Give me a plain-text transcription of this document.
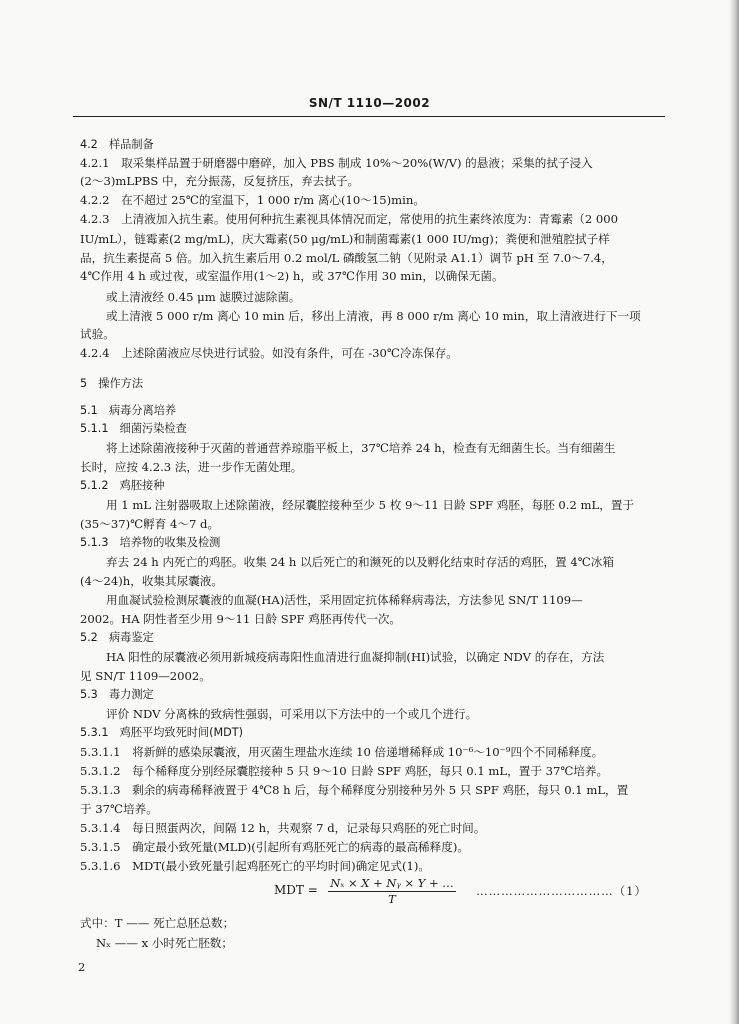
SN/T 1110—2002
4.2　样品制备
4.2.1　取采集样品置于研磨器中磨碎，加入 PBS 制成 10%～20%(W/V) 的悬液；采集的拭子浸入
(2～3)mLPBS 中，充分振荡，反复挤压，弃去拭子。
4.2.2　在不超过 25℃的室温下，1 000 r/m 离心(10～15)min。
4.2.3　上清液加入抗生素。使用何种抗生素视具体情况而定，常使用的抗生素终浓度为：青霉素（2 000
IU/mL），链霉素(2 mg/mL)，庆大霉素(50 μg/mL)和制菌霉素(1 000 IU/mg)；粪便和泄殖腔拭子样
品，抗生素提高 5 倍。加入抗生素后用 0.2 mol/L 磷酸氢二钠（见附录 A1.1）调节 pH 至 7.0～7.4，
4℃作用 4 h 或过夜，或室温作用(1～2) h，或 37℃作用 30 min，以确保无菌。
或上清液经 0.45 μm 滤膜过滤除菌。
或上清液 5 000 r/m 离心 10 min 后，移出上清液，再 8 000 r/m 离心 10 min，取上清液进行下一项
试验。
4.2.4　上述除菌液应尽快进行试验。如没有条件，可在 -30℃冷冻保存。
5　操作方法
5.1　病毒分离培养
5.1.1　细菌污染检查
将上述除菌液接种于灭菌的普通营养琼脂平板上，37℃培养 24 h，检查有无细菌生长。当有细菌生
长时，应按 4.2.3 法，进一步作无菌处理。
5.1.2　鸡胚接种
用 1 mL 注射器吸取上述除菌液，经尿囊腔接种至少 5 枚 9～11 日龄 SPF 鸡胚，每胚 0.2 mL，置于
(35～37)℃孵育 4～7 d。
5.1.3　培养物的收集及检测
弃去 24 h 内死亡的鸡胚。收集 24 h 以后死亡的和濒死的以及孵化结束时存活的鸡胚，置 4℃冰箱
(4～24)h，收集其尿囊液。
用血凝试验检测尿囊液的血凝(HA)活性，采用固定抗体稀释病毒法，方法参见 SN/T 1109—
2002。HA 阴性者至少用 9～11 日龄 SPF 鸡胚再传代一次。
5.2　病毒鉴定
HA 阳性的尿囊液必须用新城疫病毒阳性血清进行血凝抑制(HI)试验，以确定 NDV 的存在，方法
见 SN/T 1109—2002。
5.3　毒力测定
评价 NDV 分离株的致病性强弱，可采用以下方法中的一个或几个进行。
5.3.1　鸡胚平均致死时间(MDT)
5.3.1.1　将新鲜的感染尿囊液，用灭菌生理盐水连续 10 倍递增稀释成 10⁻⁶～10⁻⁹四个不同稀释度。
5.3.1.2　每个稀释度分别经尿囊腔接种 5 只 9～10 日龄 SPF 鸡胚，每只 0.1 mL，置于 37℃培养。
5.3.1.3　剩余的病毒稀释液置于 4℃8 h 后，每个稀释度分别接种另外 5 只 SPF 鸡胚，每只 0.1 mL，置
于 37℃培养。
5.3.1.4　每日照蛋两次，间隔 12 h，共观察 7 d，记录每只鸡胚的死亡时间。
5.3.1.5　确定最小致死量(MLD)(引起所有鸡胚死亡的病毒的最高稀释度)。
5.3.1.6　MDT(最小致死量引起鸡胚死亡的平均时间)确定见式(1)。
MDT = $\frac{\text{Nₓ × X + Nᵧ × Y + …}}{T}$ ……………………………（1）
式中：T —— 死亡总胚总数；
Nₓ —— x 小时死亡胚数；
2
